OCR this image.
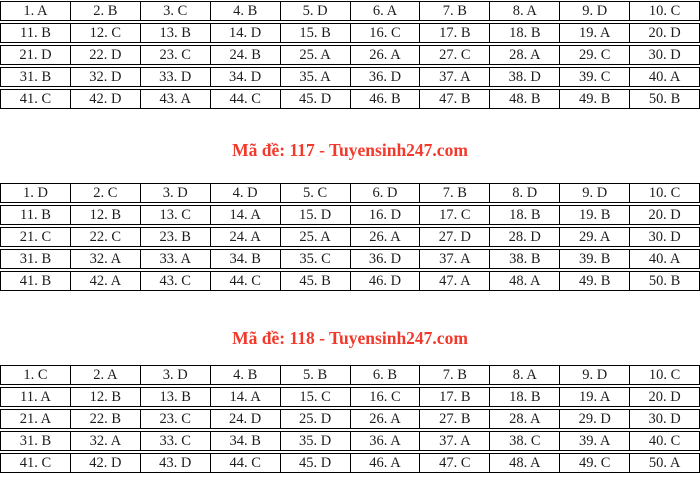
1. A	2. B	3. C	4. B	5. D	6. A	7. B	8. A	9. D	10. C
11. B	12. C	13. B	14. D	15. B	16. C	17. B	18. B	19. A	20. D
21. D	22. D	23. C	24. B	25. A	26. A	27. C	28. A	29. C	30. D
31. B	32. D	33. D	34. D	35. A	36. D	37. A	38. D	39. C	40. A
41. C	42. D	43. A	44. C	45. D	46. B	47. B	48. B	49. B	50. B
Mã đề: 117 - Tuyensinh247.com
1. D	2. C	3. D	4. D	5. C	6. D	7. B	8. D	9. D	10. C
11. B	12. B	13. C	14. A	15. D	16. D	17. C	18. B	19. B	20. D
21. C	22. C	23. B	24. A	25. A	26. A	27. D	28. D	29. A	30. D
31. B	32. A	33. A	34. B	35. C	36. D	37. A	38. B	39. B	40. A
41. B	42. A	43. C	44. C	45. B	46. D	47. A	48. A	49. B	50. B
Mã đề: 118 - Tuyensinh247.com
1. C	2. A	3. D	4. B	5. B	6. B	7. B	8. A	9. D	10. C
11. A	12. B	13. B	14. A	15. C	16. C	17. B	18. B	19. A	20. D
21. A	22. B	23. C	24. D	25. D	26. A	27. B	28. A	29. D	30. D
31. B	32. A	33. C	34. B	35. D	36. A	37. A	38. C	39. A	40. C
41. C	42. D	43. D	44. C	45. D	46. A	47. C	48. A	49. C	50. A
